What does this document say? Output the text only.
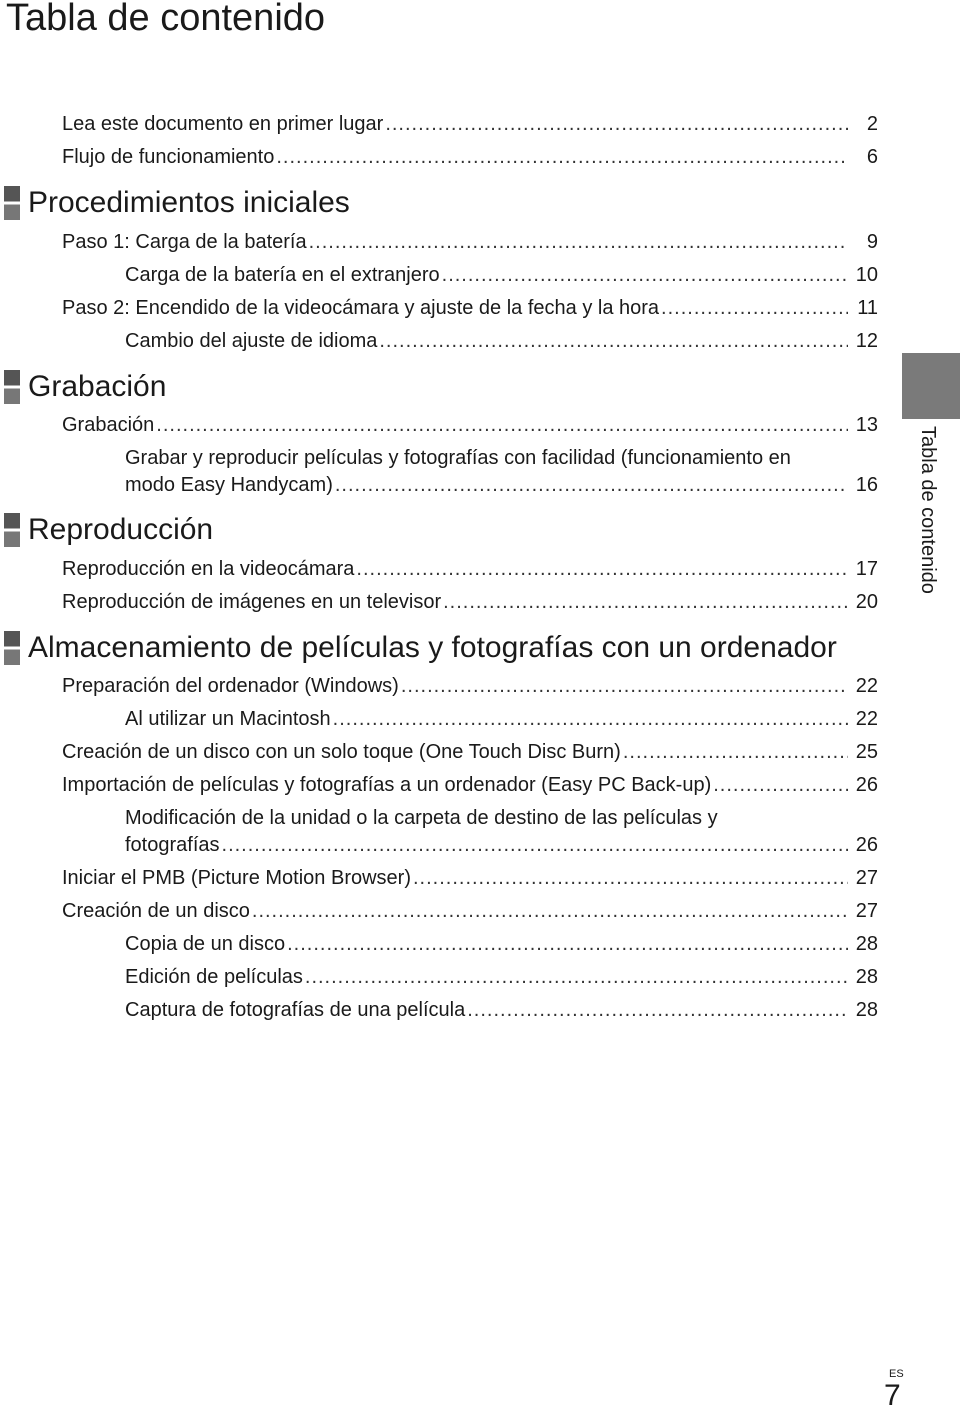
Tabla de contenido
Lea este documento en primer lugar .....	2
Flujo de funcionamiento .....	6
Procedimientos iniciales
Paso 1: Carga de la batería .....	9
Carga de la batería en el extranjero .....	10
Paso 2: Encendido de la videocámara y ajuste de la fecha y la hora .....	11
Cambio del ajuste de idioma .....	12
Grabación
Grabación .....	13
Grabar y reproducir películas y fotografías con facilidad (funcionamiento en
modo Easy Handycam) .....	16
Reproducción
Reproducción en la videocámara .....	17
Reproducción de imágenes en un televisor .....	20
Almacenamiento de películas y fotografías con un ordenador
Preparación del ordenador (Windows) .....	22
Al utilizar un Macintosh .....	22
Creación de un disco con un solo toque (One Touch Disc Burn) .....	25
Importación de películas y fotografías a un ordenador (Easy PC Back-up) .....	26
Modificación de la unidad o la carpeta de destino de las películas y
fotografías .....	26
Iniciar el PMB (Picture Motion Browser) .....	27
Creación de un disco .....	27
Copia de un disco .....	28
Edición de películas .....	28
Captura de fotografías de una película .....	28
Tabla de contenido
ES
7
